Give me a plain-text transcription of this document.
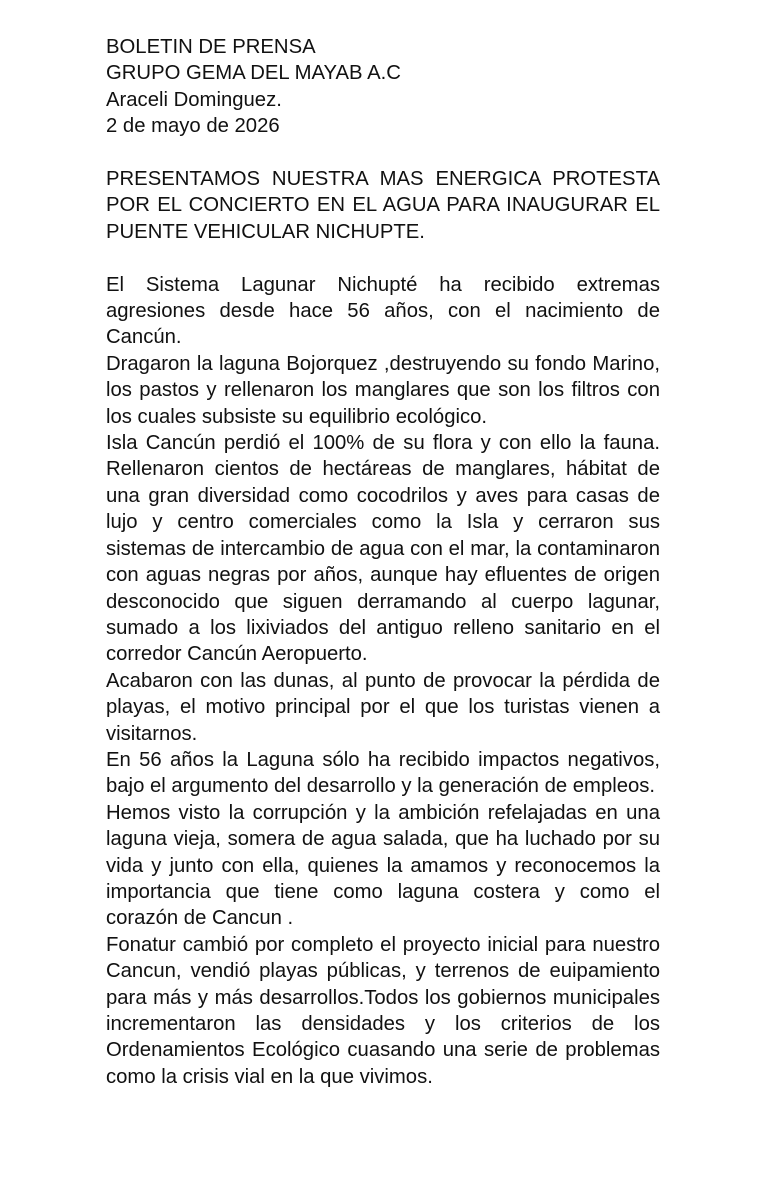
BOLETIN DE PRENSA

GRUPO GEMA DEL MAYAB A.C

Araceli Dominguez.

2 de mayo de 2026

PRESENTAMOS NUESTRA MAS ENERGICA PROTESTA POR EL CONCIERTO EN EL AGUA PARA INAUGURAR EL PUENTE VEHICULAR NICHUPTE.

El Sistema Lagunar Nichupté ha recibido extremas agresiones desde hace 56 años, con el nacimiento de Cancún.

Dragaron la laguna Bojorquez ,destruyendo su fondo Marino, los pastos y rellenaron los manglares que son los filtros con los cuales subsiste su equilibrio ecológico.

Isla Cancún perdió el 100% de su flora y con ello la fauna. Rellenaron cientos de hectáreas de manglares, hábitat de una gran diversidad como cocodrilos y aves para casas de lujo y centro comerciales como la Isla y cerraron sus sistemas de intercambio de agua con el mar, la contaminaron con aguas negras por años, aunque hay efluentes de origen desconocido que siguen derramando al cuerpo lagunar, sumado a los lixiviados del antiguo relleno sanitario en el corredor Cancún Aeropuerto.

Acabaron con las dunas, al punto de provocar la pérdida de playas, el motivo principal por el que los turistas vienen a visitarnos.

En 56 años la Laguna sólo ha recibido impactos negativos, bajo el argumento del desarrollo y la generación de empleos.

Hemos visto la corrupción y la ambición refelajadas en una laguna vieja, somera de agua salada, que ha luchado por su vida y junto con ella, quienes la amamos y reconocemos la importancia que tiene como laguna costera y como el corazón de Cancun .

Fonatur cambió por completo el proyecto inicial para nuestro Cancun, vendió playas públicas, y terrenos de euipamiento para más y más desarrollos.Todos los gobiernos municipales incrementaron las densidades y los criterios de los Ordenamientos Ecológico cuasando una serie de problemas como la crisis vial en la que vivimos.
